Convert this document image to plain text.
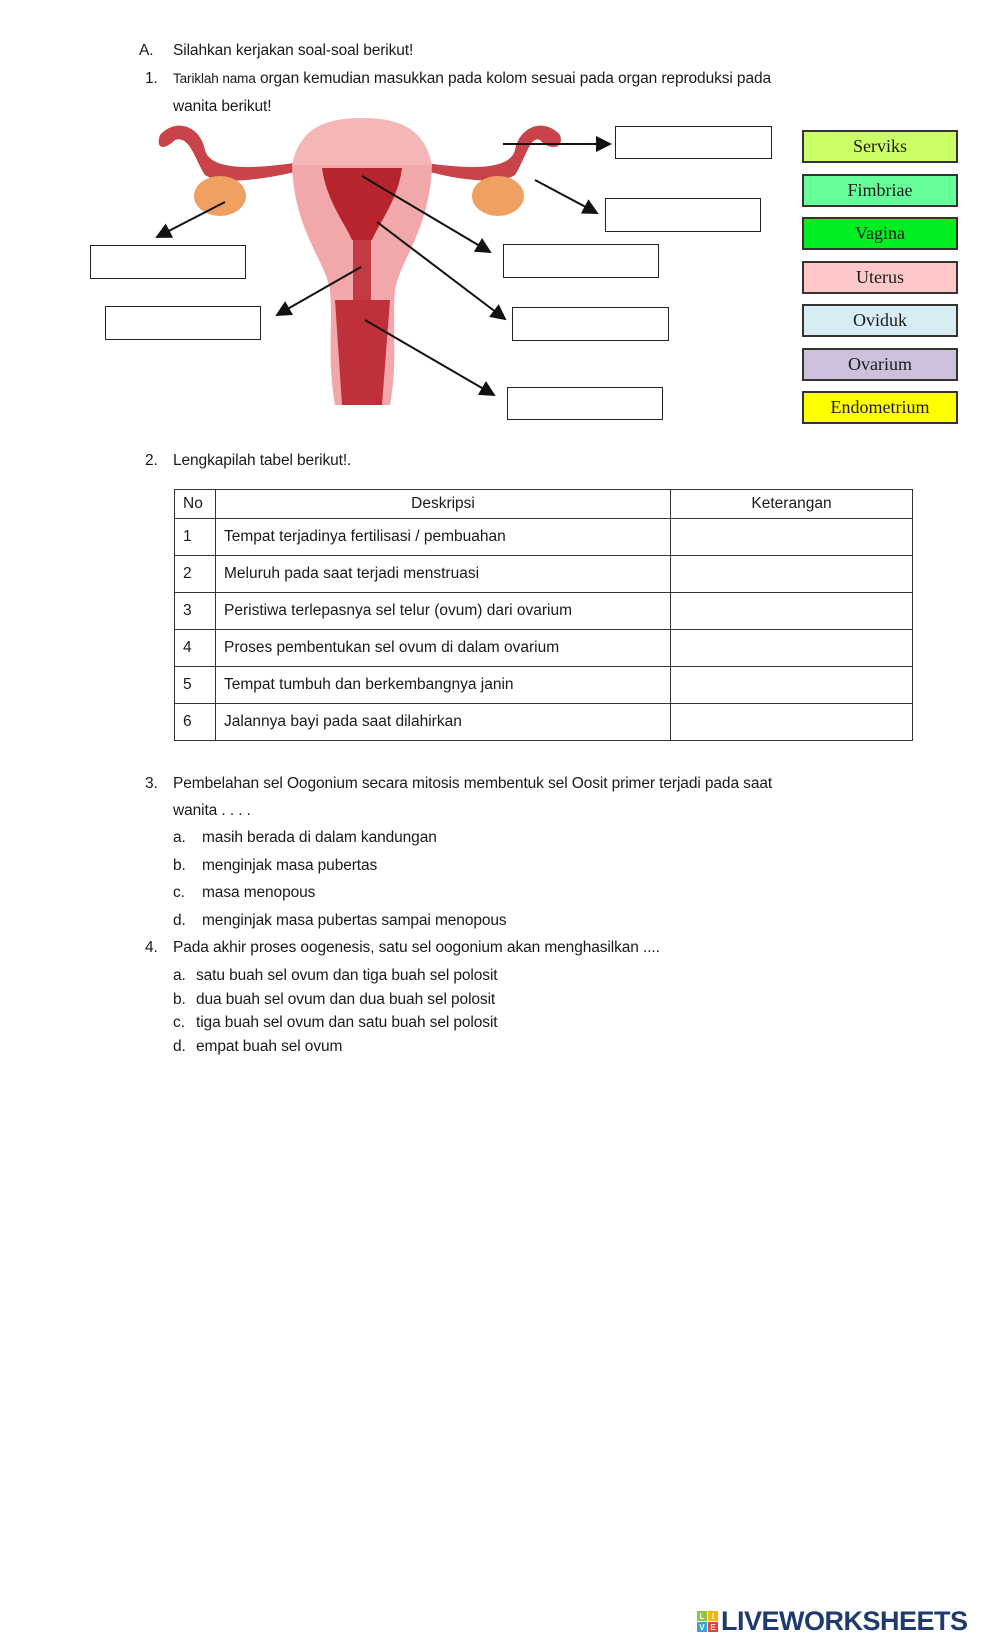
A. Silahkan kerjakan soal-soal berikut!
1. Tariklah nama organ kemudian masukkan pada kolom sesuai pada organ reproduksi pada
wanita berikut!
Serviks
Fimbriae
Vagina
Uterus
Oviduk
Ovarium
Endometrium
2. Lengkapilah tabel berikut!.
No	Deskripsi	Keterangan
1	Tempat terjadinya fertilisasi / pembuahan	
2	Meluruh pada saat terjadi menstruasi	
3	Peristiwa terlepasnya sel telur (ovum) dari ovarium	
4	Proses pembentukan sel ovum di dalam ovarium	
5	Tempat tumbuh dan berkembangnya janin	
6	Jalannya bayi pada saat dilahirkan	
3. Pembelahan sel Oogonium secara mitosis membentuk sel Oosit primer terjadi pada saat
wanita . . . .
a. masih berada di dalam kandungan
b. menginjak masa pubertas
c. masa menopous
d. menginjak masa pubertas sampai menopous
4. Pada akhir proses oogenesis, satu sel oogonium akan menghasilkan ....
a. satu buah sel ovum dan tiga buah sel polosit
b. dua buah sel ovum dan dua buah sel polosit
c. tiga buah sel ovum dan satu buah sel polosit
d. empat buah sel ovum
L I
V E LIVEWORKSHEETS
